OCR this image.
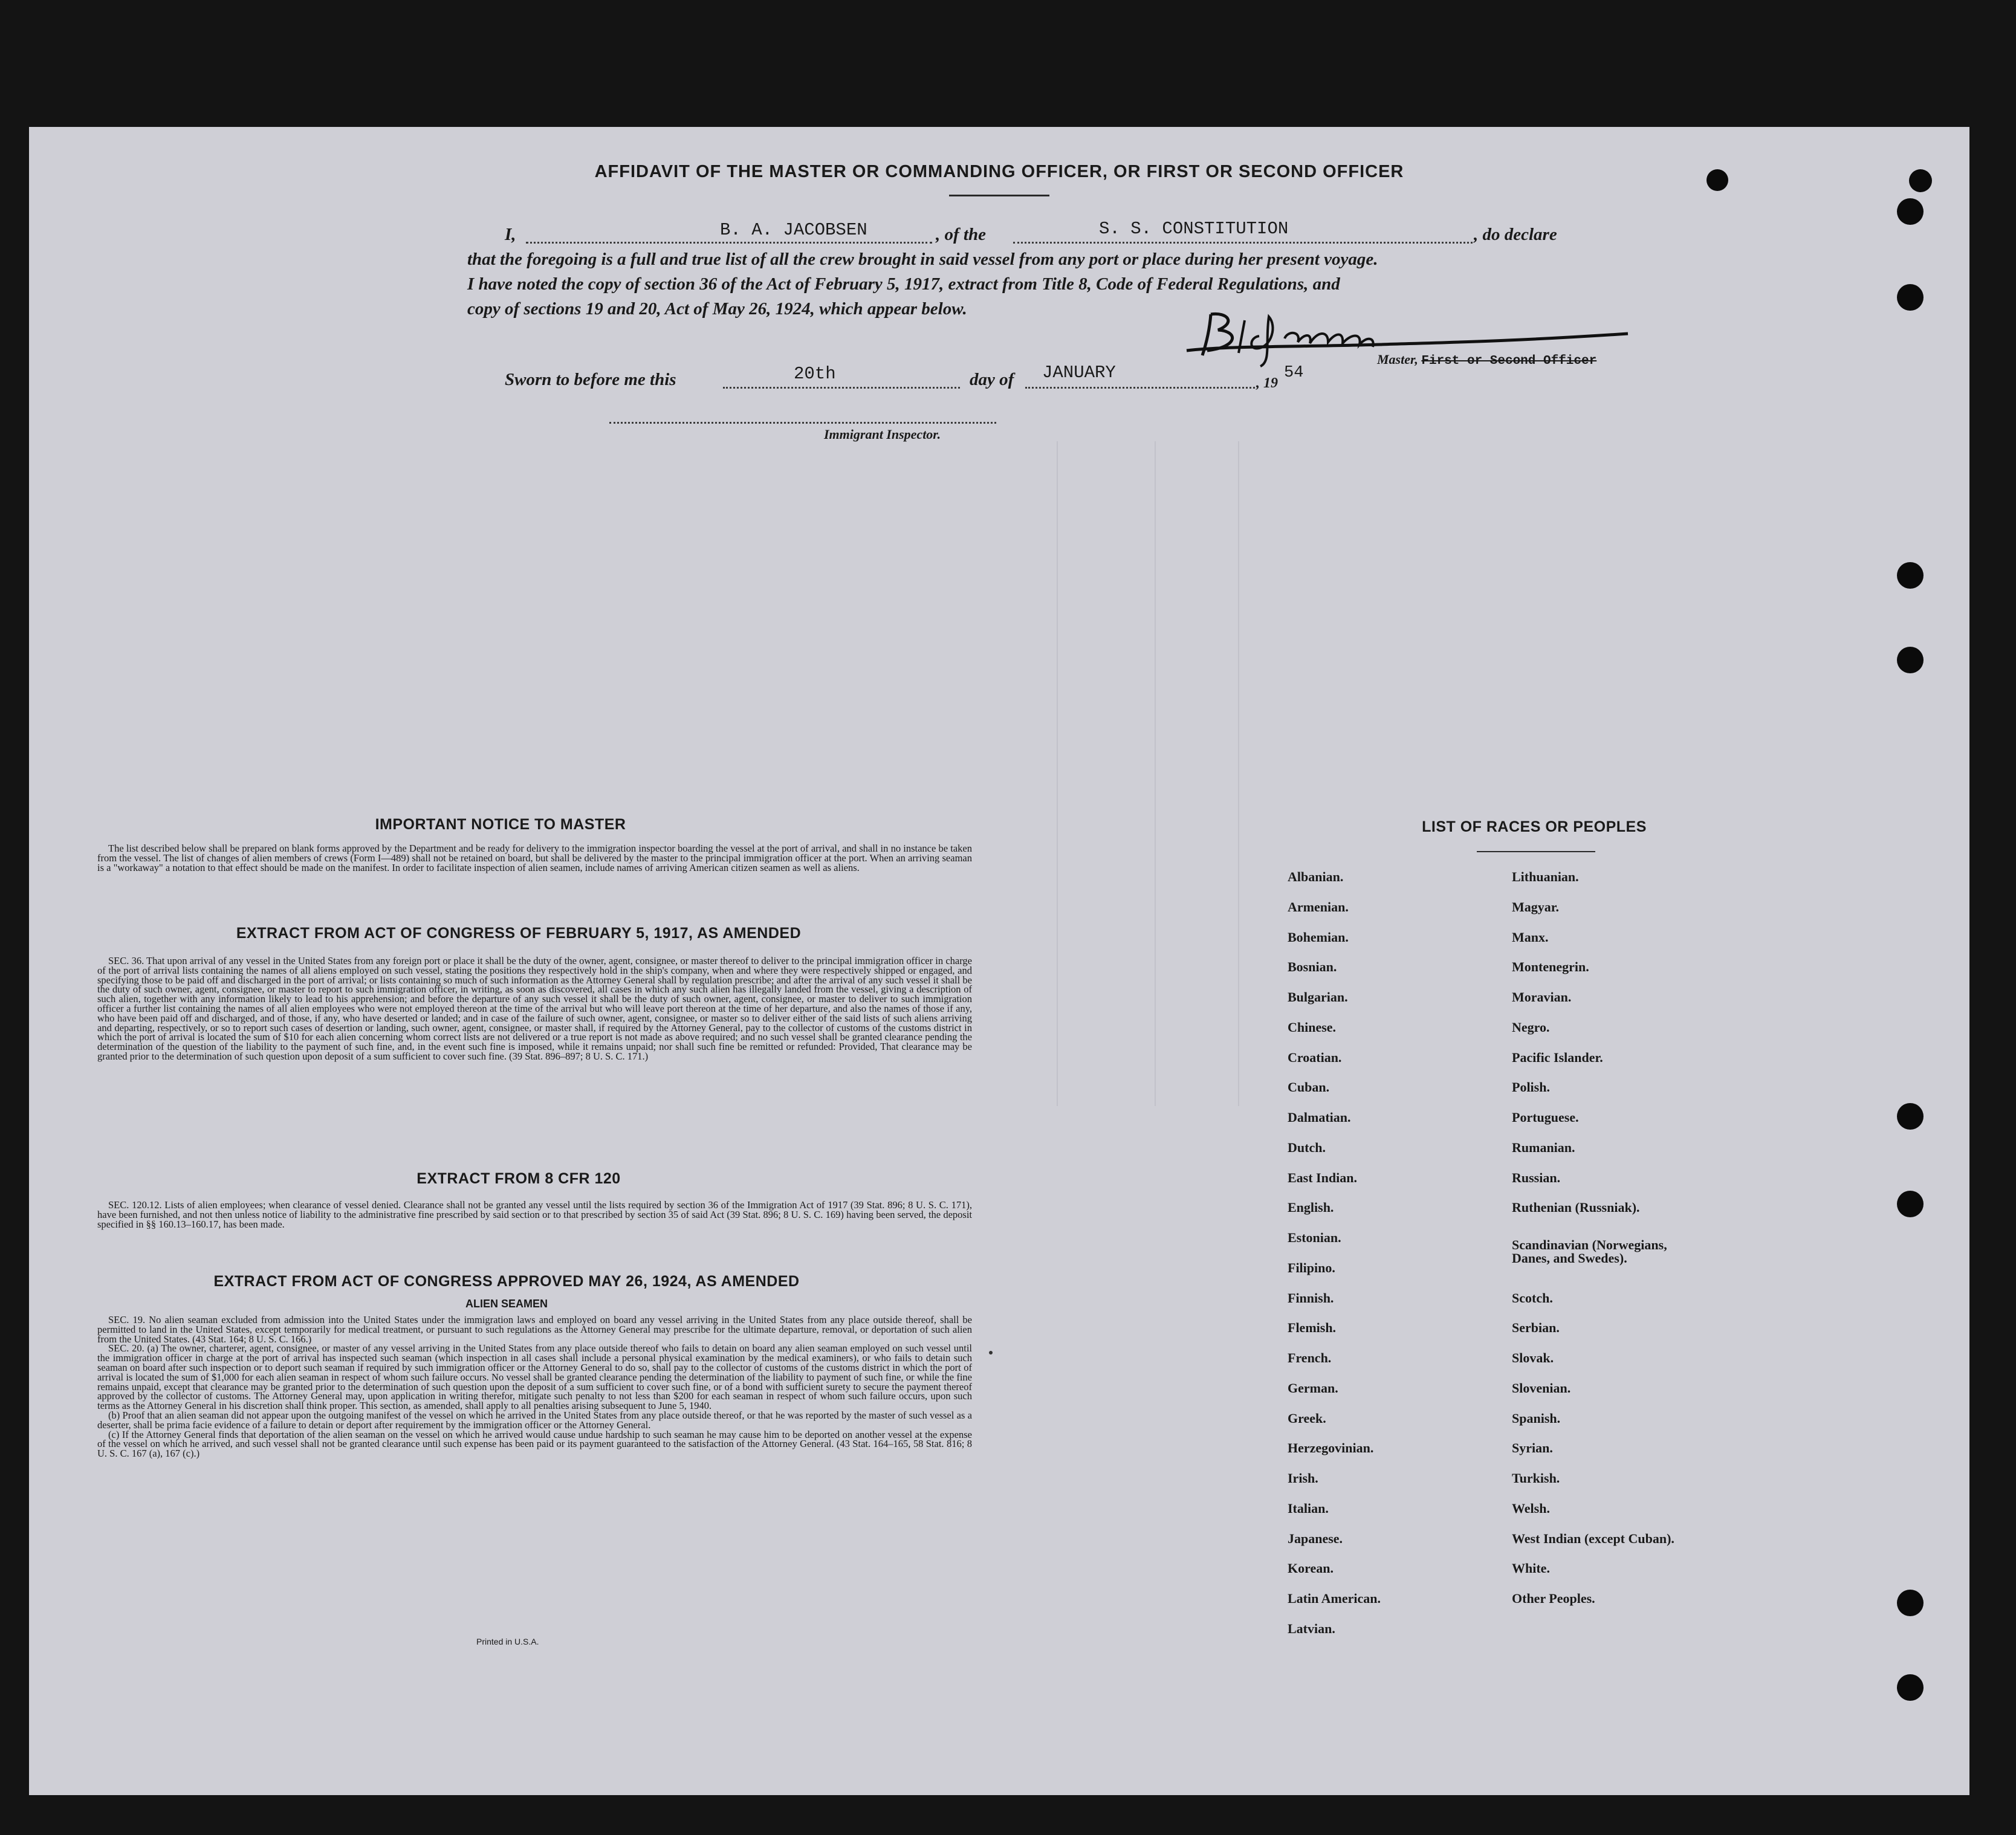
AFFIDAVIT OF THE MASTER OR COMMANDING OFFICER, OR FIRST OR SECOND OFFICER
I,	B. A. JACOBSEN	, of the	S. S. CONSTITUTION	, do declare
that the foregoing is a full and true list of all the crew brought in said vessel from any port or place during her present voyage.
I have noted the copy of section 36 of the Act of February 5, 1917, extract from Title 8, Code of Federal Regulations, and
copy of sections 19 and 20, Act of May 26, 1924, which appear below.
Master, First or Second Officer
Sworn to before me this	20th	day of JANUARY
, 19
54
Immigrant Inspector.
IMPORTANT NOTICE TO MASTER

The list described below shall be prepared on blank forms approved by the Department and be ready for delivery to the immigration inspector boarding the vessel at the port of arrival, and shall in no instance be taken from the vessel. The list of changes of alien members of crews (Form I—489) shall not be retained on board, but shall be delivered by the master to the principal immigration officer at the port. When an arriving seaman is a "workaway" a notation to that effect should be made on the manifest. In order to facilitate inspection of alien seamen, include names of arriving American citizen seamen as well as aliens.

EXTRACT FROM ACT OF CONGRESS OF FEBRUARY 5, 1917, AS AMENDED

SEC. 36. That upon arrival of any vessel in the United States from any foreign port or place it shall be the duty of the owner, agent, consignee, or master thereof to deliver to the principal immigration officer in charge of the port of arrival lists containing the names of all aliens employed on such vessel, stating the positions they respectively hold in the ship's company, when and where they were respectively shipped or engaged, and specifying those to be paid off and discharged in the port of arrival; or lists containing so much of such information as the Attorney General shall by regulation prescribe; and after the arrival of any such vessel it shall be the duty of such owner, agent, consignee, or master to report to such immigration officer, in writing, as soon as discovered, all cases in which any such alien has illegally landed from the vessel, giving a description of such alien, together with any information likely to lead to his apprehension; and before the departure of any such vessel it shall be the duty of such owner, agent, consignee, or master to deliver to such immigration officer a further list containing the names of all alien employees who were not employed thereon at the time of the arrival but who will leave port thereon at the time of her departure, and also the names of those if any, who have been paid off and discharged, and of those, if any, who have deserted or landed; and in case of the failure of such owner, agent, consignee, or master so to deliver either of the said lists of such aliens arriving and departing, respectively, or so to report such cases of desertion or landing, such owner, agent, consignee, or master shall, if required by the Attorney General, pay to the collector of customs of the customs district in which the port of arrival is located the sum of $10 for each alien concerning whom correct lists are not delivered or a true report is not made as above required; and no such vessel shall be granted clearance pending the determination of the question of the liability to the payment of such fine, and, in the event such fine is imposed, while it remains unpaid; nor shall such fine be remitted or refunded: Provided, That clearance may be granted prior to the determination of such question upon deposit of a sum sufficient to cover such fine. (39 Stat. 896–897; 8 U. S. C. 171.)

EXTRACT FROM 8 CFR 120

SEC. 120.12. Lists of alien employees; when clearance of vessel denied. Clearance shall not be granted any vessel until the lists required by section 36 of the Immigration Act of 1917 (39 Stat. 896; 8 U. S. C. 171), have been furnished, and not then unless notice of liability to the administrative fine prescribed by said section or to that prescribed by section 35 of said Act (39 Stat. 896; 8 U. S. C. 169) having been served, the deposit specified in §§ 160.13–160.17, has been made.

EXTRACT FROM ACT OF CONGRESS APPROVED MAY 26, 1924, AS AMENDED
ALIEN SEAMEN

SEC. 19. No alien seaman excluded from admission into the United States under the immigration laws and employed on board any vessel arriving in the United States from any place outside thereof, shall be permitted to land in the United States, except temporarily for medical treatment, or pursuant to such regulations as the Attorney General may prescribe for the ultimate departure, removal, or deportation of such alien from the United States. (43 Stat. 164; 8 U. S. C. 166.)

SEC. 20. (a) The owner, charterer, agent, consignee, or master of any vessel arriving in the United States from any place outside thereof who fails to detain on board any alien seaman employed on such vessel until the immigration officer in charge at the port of arrival has inspected such seaman (which inspection in all cases shall include a personal physical examination by the medical examiners), or who fails to detain such seaman on board after such inspection or to deport such seaman if required by such immigration officer or the Attorney General to do so, shall pay to the collector of customs of the customs district in which the port of arrival is located the sum of $1,000 for each alien seaman in respect of whom such failure occurs. No vessel shall be granted clearance pending the determination of the liability to payment of such fine, or while the fine remains unpaid, except that clearance may be granted prior to the determination of such question upon the deposit of a sum sufficient to cover such fine, or of a bond with sufficient surety to secure the payment thereof approved by the collector of customs. The Attorney General may, upon application in writing therefor, mitigate such penalty to not less than $200 for each seaman in respect of whom such failure occurs, upon such terms as the Attorney General in his discretion shall think proper. This section, as amended, shall apply to all penalties arising subsequent to June 5, 1940.

(b) Proof that an alien seaman did not appear upon the outgoing manifest of the vessel on which he arrived in the United States from any place outside thereof, or that he was reported by the master of such vessel as a deserter, shall be prima facie evidence of a failure to detain or deport after requirement by the immigration officer or the Attorney General.

(c) If the Attorney General finds that deportation of the alien seaman on the vessel on which he arrived would cause undue hardship to such seaman he may cause him to be deported on another vessel at the expense of the vessel on which he arrived, and such vessel shall not be granted clearance until such expense has been paid or its payment guaranteed to the satisfaction of the Attorney General. (43 Stat. 164–165, 58 Stat. 816; 8 U. S. C. 167 (a), 167 (c).)

Printed in U.S.A.
LIST OF RACES OR PEOPLES
Albanian.
Armenian.
Bohemian.
Bosnian.
Bulgarian.
Chinese.
Croatian.
Cuban.
Dalmatian.
Dutch.
East Indian.
English.
Estonian.
Filipino.
Finnish.
Flemish.
French.
German.
Greek.
Herzegovinian.
Irish.
Italian.
Japanese.
Korean.
Latin American.
Latvian.
Lithuanian.
Magyar.
Manx.
Montenegrin.
Moravian.
Negro.
Pacific Islander.
Polish.
Portuguese.
Rumanian.
Russian.
Ruthenian (Russniak).
Scandinavian (Norwegians,
Danes, and Swedes).
Scotch.
Serbian.
Slovak.
Slovenian.
Spanish.
Syrian.
Turkish.
Welsh.
West Indian (except Cuban).
White.
Other Peoples.
